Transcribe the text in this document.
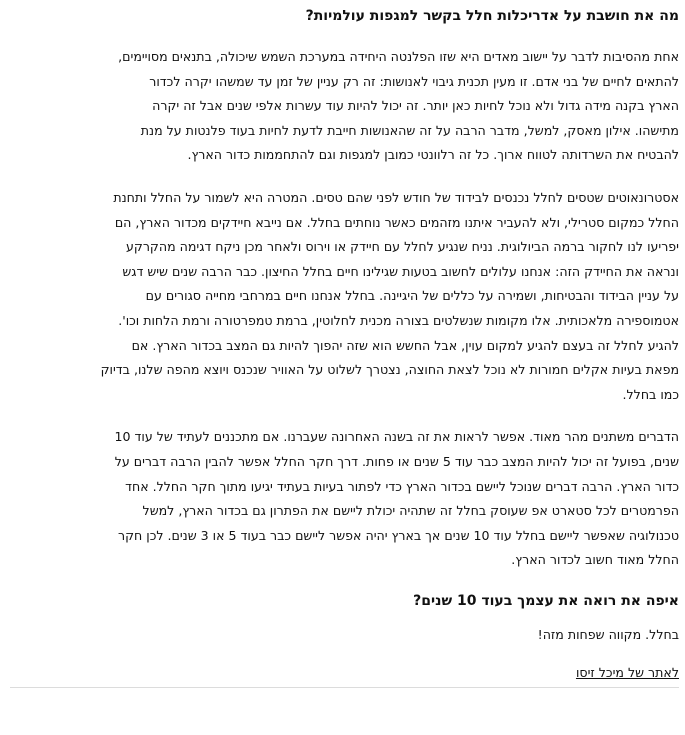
מה את חושבת על אדריכלות חלל בקשר למגפות עולמיות?
אחת מהסיבות לדבר על יישוב מאדים היא שזו הפלנטה היחידה במערכת השמש שיכולה, בתנאים מסויימים,
להתאים לחיים של בני אדם. זו מעין תכנית גיבוי לאנושות: זה רק עניין של זמן עד שמשהו יקרה לכדור
הארץ בקנה מידה גדול ולא נוכל לחיות כאן יותר. זה יכול להיות עוד עשרות אלפי שנים אבל זה יקרה
מתישהו. אילון מאסק, למשל, מדבר הרבה על זה שהאנושות חייבת לדעת לחיות בעוד פלנטות על מנת
להבטיח את השרדותה לטווח ארוך. כל זה רלוונטי כמובן למגפות וגם להתחממות כדור הארץ.
אסטרונאוטים שטסים לחלל נכנסים לבידוד של חודש לפני שהם טסים. המטרה היא לשמור על החלל ותחנת
החלל כמקום סטרילי, ולא להעביר איתנו מזהמים כאשר נוחתים בחלל. אם נייבא חיידקים מכדור הארץ, הם
יפריעו לנו לחקור ברמה הביולוגית. נניח שנגיע לחלל עם חיידק או וירוס ולאחר מכן ניקח דגימה מהקרקע
ונראה את החיידק הזה: אנחנו עלולים לחשוב בטעות שגילינו חיים בחלל החיצון. כבר הרבה שנים שיש דגש
על עניין הבידוד והבטיחות, ושמירה על כללים של היגיינה. בחלל אנחנו חיים במרחבי מחייה סגורים עם
אטמוספירה מלאכותית. אלו מקומות שנשלטים בצורה מכנית לחלוטין, ברמת טמפרטורה ורמת הלחות וכו'.
להגיע לחלל זה בעצם להגיע למקום עוין, אבל החשש הוא שזה יהפוך להיות גם המצב בכדור הארץ. אם
מפאת בעיות אקלים חמורות לא נוכל לצאת החוצה, נצטרך לשלוט על האוויר שנכנס ויוצא מהפה שלנו, בדיוק
כמו בחלל.
הדברים משתנים מהר מאוד. אפשר לראות את זה בשנה האחרונה שעברנו. אם מתכננים לעתיד של עוד 10
שנים, בפועל זה יכול להיות המצב כבר עוד 5 שנים או פחות. דרך חקר החלל אפשר להבין הרבה דברים על
כדור הארץ. הרבה דברים שנוכל ליישם בכדור הארץ כדי לפתור בעיות בעתיד יגיעו מתוך חקר החלל. אחד
הפרמטרים לכל סטארט אפ שעוסק בחלל זה שתהיה יכולת ליישם את הפתרון גם בכדור הארץ, למשל
טכנולוגיה שאפשר ליישם בחלל עוד 10 שנים אך בארץ יהיה אפשר ליישם כבר בעוד 5 או 3 שנים. לכן חקר
החלל מאוד חשוב לכדור הארץ.
איפה את רואה את עצמך בעוד 10 שנים?
בחלל. מקווה שפחות מזה!
לאתר של מיכל זיסו
